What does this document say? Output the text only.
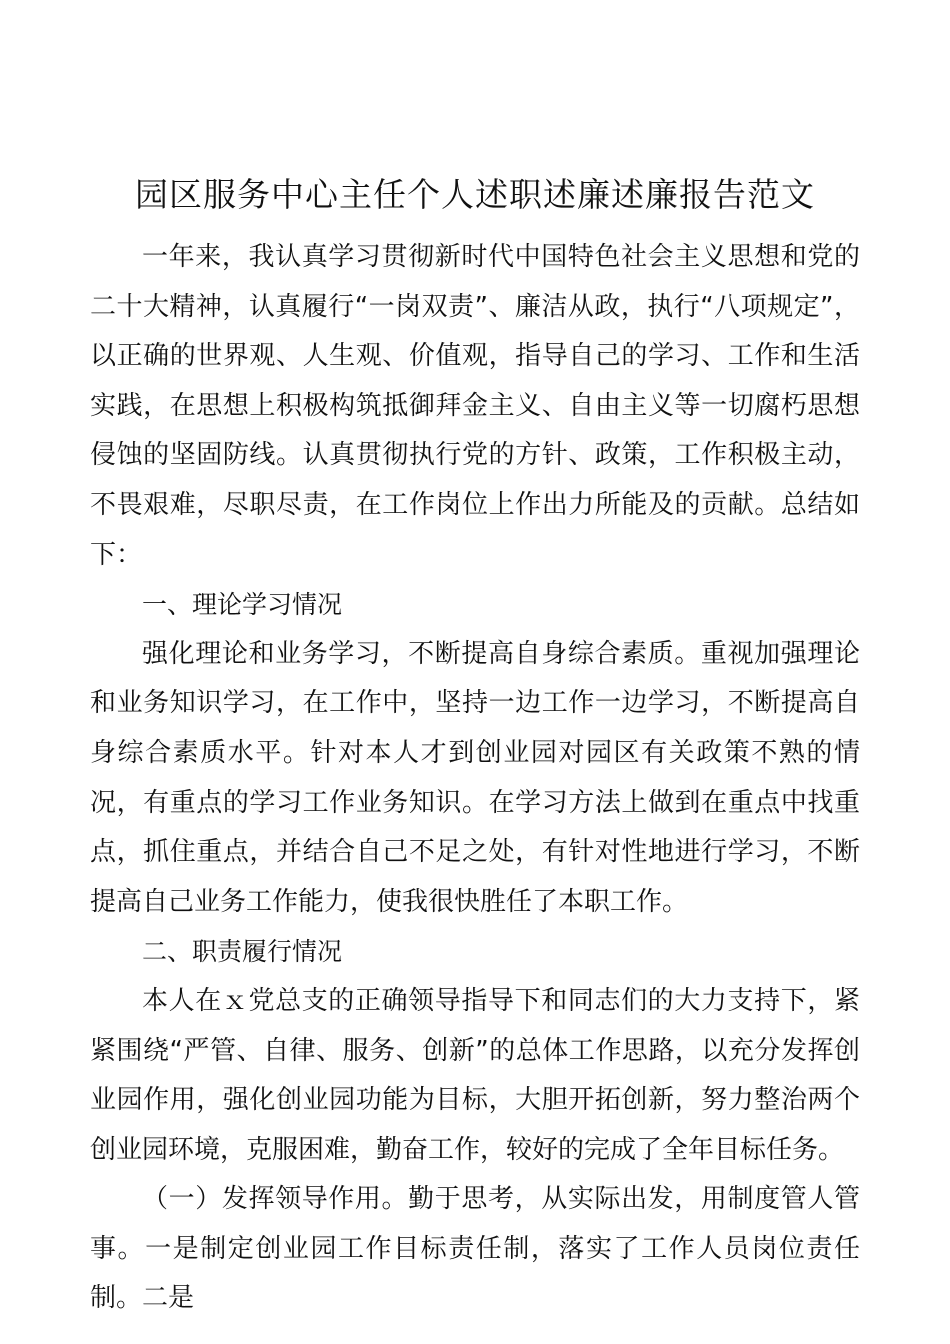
园区服务中心主任个人述职述廉述廉报告范文

一年来，我认真学习贯彻新时代中国特色社会主义思想和党的二十大精神，认真履行“一岗双责”、廉洁从政，执行“八项规定”，以正确的世界观、人生观、价值观，指导自己的学习、工作和生活实践，在思想上积极构筑抵御拜金主义、自由主义等一切腐朽思想侵蚀的坚固防线。认真贯彻执行党的方针、政策，工作积极主动，不畏艰难，尽职尽责，在工作岗位上作出力所能及的贡献。总结如下：

一、理论学习情况

强化理论和业务学习，不断提高自身综合素质。重视加强理论和业务知识学习，在工作中，坚持一边工作一边学习，不断提高自身综合素质水平。针对本人才到创业园对园区有关政策不熟的情况，有重点的学习工作业务知识。在学习方法上做到在重点中找重点，抓住重点，并结合自己不足之处，有针对性地进行学习，不断提高自己业务工作能力，使我很快胜任了本职工作。

二、职责履行情况

本人在ｘ党总支的正确领导指导下和同志们的大力支持下，紧紧围绕“严管、自律、服务、创新”的总体工作思路，以充分发挥创业园作用，强化创业园功能为目标，大胆开拓创新，努力整治两个创业园环境，克服困难，勤奋工作，较好的完成了全年目标任务。

（一）发挥领导作用。勤于思考，从实际出发，用制度管人管事。一是制定创业园工作目标责任制，落实了工作人员岗位责任制。二是
